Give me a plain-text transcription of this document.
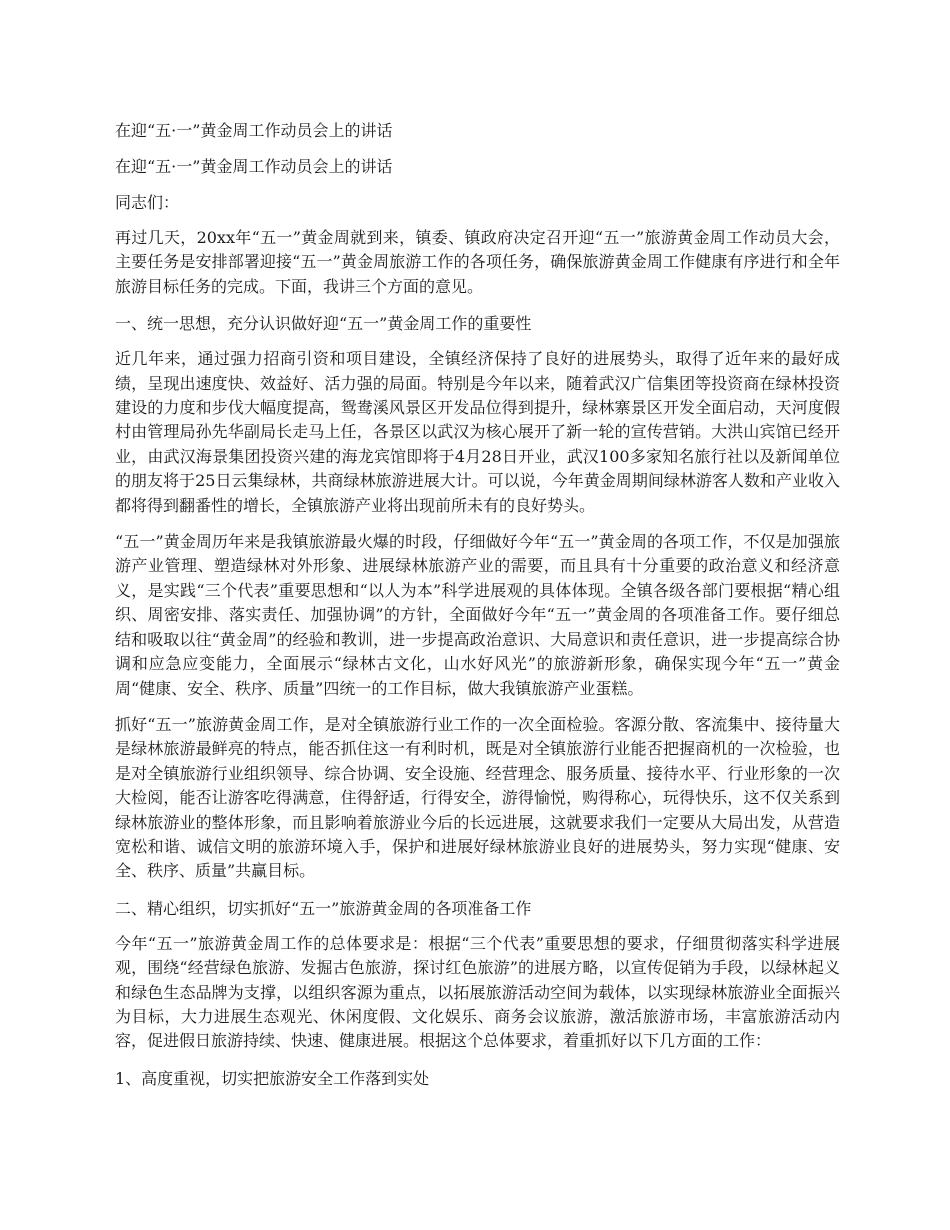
在迎“五·一”黄金周工作动员会上的讲话
在迎“五·一”黄金周工作动员会上的讲话
同志们：

再过几天，20xx年“五一”黄金周就到来，镇委、镇政府决定召开迎“五一”旅游黄金周工作动员大会，主要任务是安排部署迎接“五一”黄金周旅游工作的各项任务，确保旅游黄金周工作健康有序进行和全年旅游目标任务的完成。下面，我讲三个方面的意见。

一、统一思想，充分认识做好迎“五一”黄金周工作的重要性

近几年来，通过强力招商引资和项目建设，全镇经济保持了良好的进展势头，取得了近年来的最好成绩，呈现出速度快、效益好、活力强的局面。特别是今年以来，随着武汉广信集团等投资商在绿林投资建设的力度和步伐大幅度提高，鸳鸯溪风景区开发品位得到提升，绿林寨景区开发全面启动，天河度假村由管理局孙先华副局长走马上任，各景区以武汉为核心展开了新一轮的宣传营销。大洪山宾馆已经开业，由武汉海景集团投资兴建的海龙宾馆即将于4月28日开业，武汉100多家知名旅行社以及新闻单位的朋友将于25日云集绿林，共商绿林旅游进展大计。可以说，今年黄金周期间绿林游客人数和产业收入都将得到翻番性的增长，全镇旅游产业将出现前所未有的良好势头。

“五一”黄金周历年来是我镇旅游最火爆的时段，仔细做好今年“五一”黄金周的各项工作，不仅是加强旅游产业管理、塑造绿林对外形象、进展绿林旅游产业的需要，而且具有十分重要的政治意义和经济意义，是实践“三个代表”重要思想和“以人为本”科学进展观的具体体现。全镇各级各部门要根据“精心组织、周密安排、落实责任、加强协调”的方针，全面做好今年“五一”黄金周的各项准备工作。要仔细总结和吸取以往“黄金周”的经验和教训，进一步提高政治意识、大局意识和责任意识，进一步提高综合协调和应急应变能力，全面展示“绿林古文化，山水好风光”的旅游新形象，确保实现今年“五一”黄金周“健康、安全、秩序、质量”四统一的工作目标，做大我镇旅游产业蛋糕。

抓好“五一”旅游黄金周工作，是对全镇旅游行业工作的一次全面检验。客源分散、客流集中、接待量大是绿林旅游最鲜亮的特点，能否抓住这一有利时机，既是对全镇旅游行业能否把握商机的一次检验，也是对全镇旅游行业组织领导、综合协调、安全设施、经营理念、服务质量、接待水平、行业形象的一次大检阅，能否让游客吃得满意，住得舒适，行得安全，游得愉悦，购得称心，玩得快乐，这不仅关系到绿林旅游业的整体形象，而且影响着旅游业今后的长远进展，这就要求我们一定要从大局出发，从营造宽松和谐、诚信文明的旅游环境入手，保护和进展好绿林旅游业良好的进展势头，努力实现“健康、安全、秩序、质量”共赢目标。

二、精心组织，切实抓好“五一”旅游黄金周的各项准备工作

今年“五一”旅游黄金周工作的总体要求是：根据“三个代表”重要思想的要求，仔细贯彻落实科学进展观，围绕“经营绿色旅游、发掘古色旅游，探讨红色旅游”的进展方略，以宣传促销为手段，以绿林起义和绿色生态品牌为支撑，以组织客源为重点，以拓展旅游活动空间为载体，以实现绿林旅游业全面振兴为目标，大力进展生态观光、休闲度假、文化娱乐、商务会议旅游，激活旅游市场，丰富旅游活动内容，促进假日旅游持续、快速、健康进展。根据这个总体要求，着重抓好以下几方面的工作：

1、高度重视，切实把旅游安全工作落到实处
